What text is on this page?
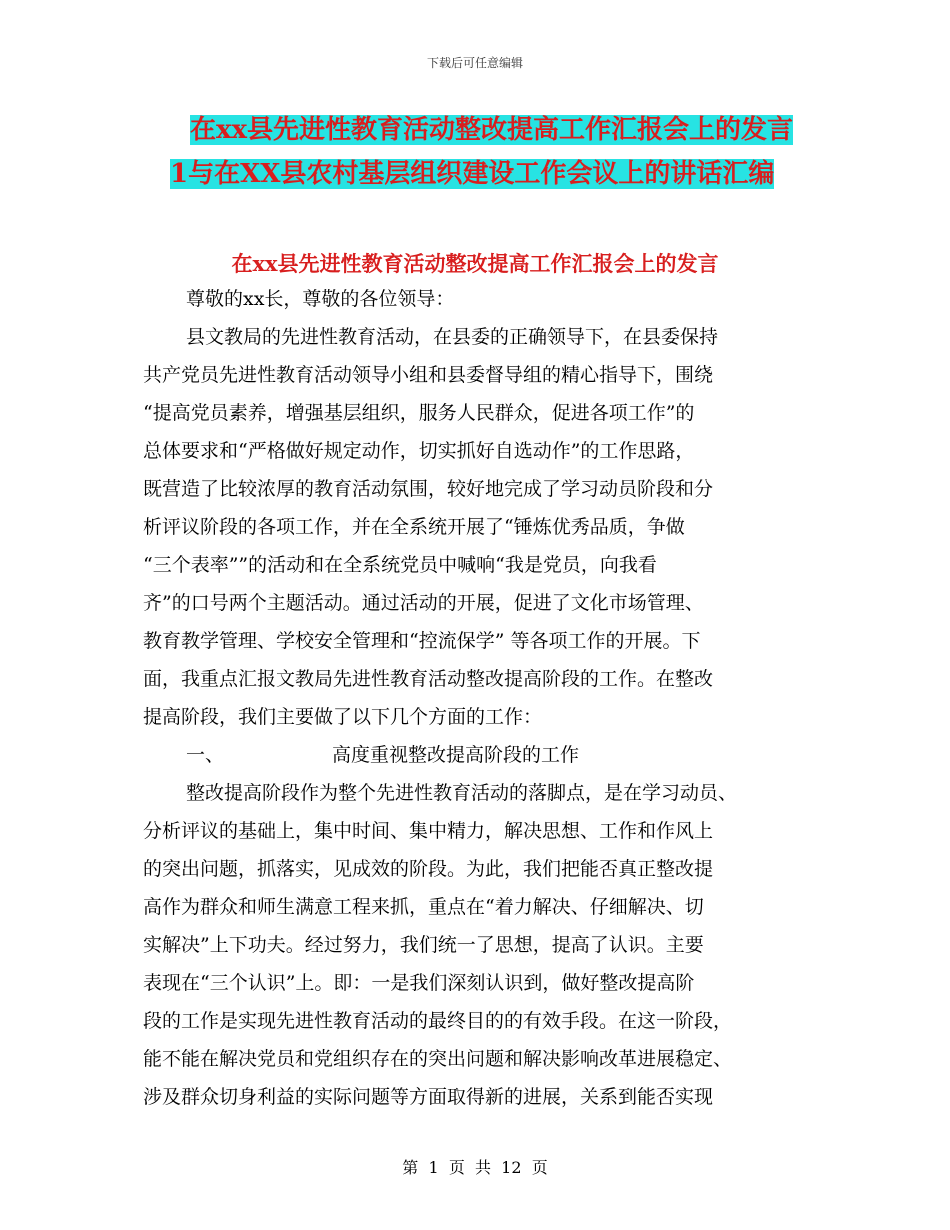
下载后可任意编辑
在xx县先进性教育活动整改提高工作汇报会上的发言
1与在XX县农村基层组织建设工作会议上的讲话汇编
在xx县先进性教育活动整改提高工作汇报会上的发言
尊敬的xx长，尊敬的各位领导：
县文教局的先进性教育活动，在县委的正确领导下，在县委保持
共产党员先进性教育活动领导小组和县委督导组的精心指导下，围绕
“提高党员素养，增强基层组织，服务人民群众，促进各项工作”的
总体要求和“严格做好规定动作，切实抓好自选动作”的工作思路，
既营造了比较浓厚的教育活动氛围，较好地完成了学习动员阶段和分
析评议阶段的各项工作，并在全系统开展了“锤炼优秀品质，争做
“三个表率””的活动和在全系统党员中喊响“我是党员，向我看
齐”的口号两个主题活动。通过活动的开展，促进了文化市场管理、
教育教学管理、学校安全管理和“控流保学” 等各项工作的开展。下
面，我重点汇报文教局先进性教育活动整改提高阶段的工作。在整改
提高阶段，我们主要做了以下几个方面的工作：
一、	高度重视整改提高阶段的工作
整改提高阶段作为整个先进性教育活动的落脚点，是在学习动员、
分析评议的基础上，集中时间、集中精力，解决思想、工作和作风上
的突出问题，抓落实，见成效的阶段。为此，我们把能否真正整改提
高作为群众和师生满意工程来抓，重点在“着力解决、仔细解决、切
实解决”上下功夫。经过努力，我们统一了思想，提高了认识。主要
表现在“三个认识”上。即：一是我们深刻认识到，做好整改提高阶
段的工作是实现先进性教育活动的最终目的的有效手段。在这一阶段，
能不能在解决党员和党组织存在的突出问题和解决影响改革进展稳定、
涉及群众切身利益的实际问题等方面取得新的进展，关系到能否实现
第  1  页  共  12  页
